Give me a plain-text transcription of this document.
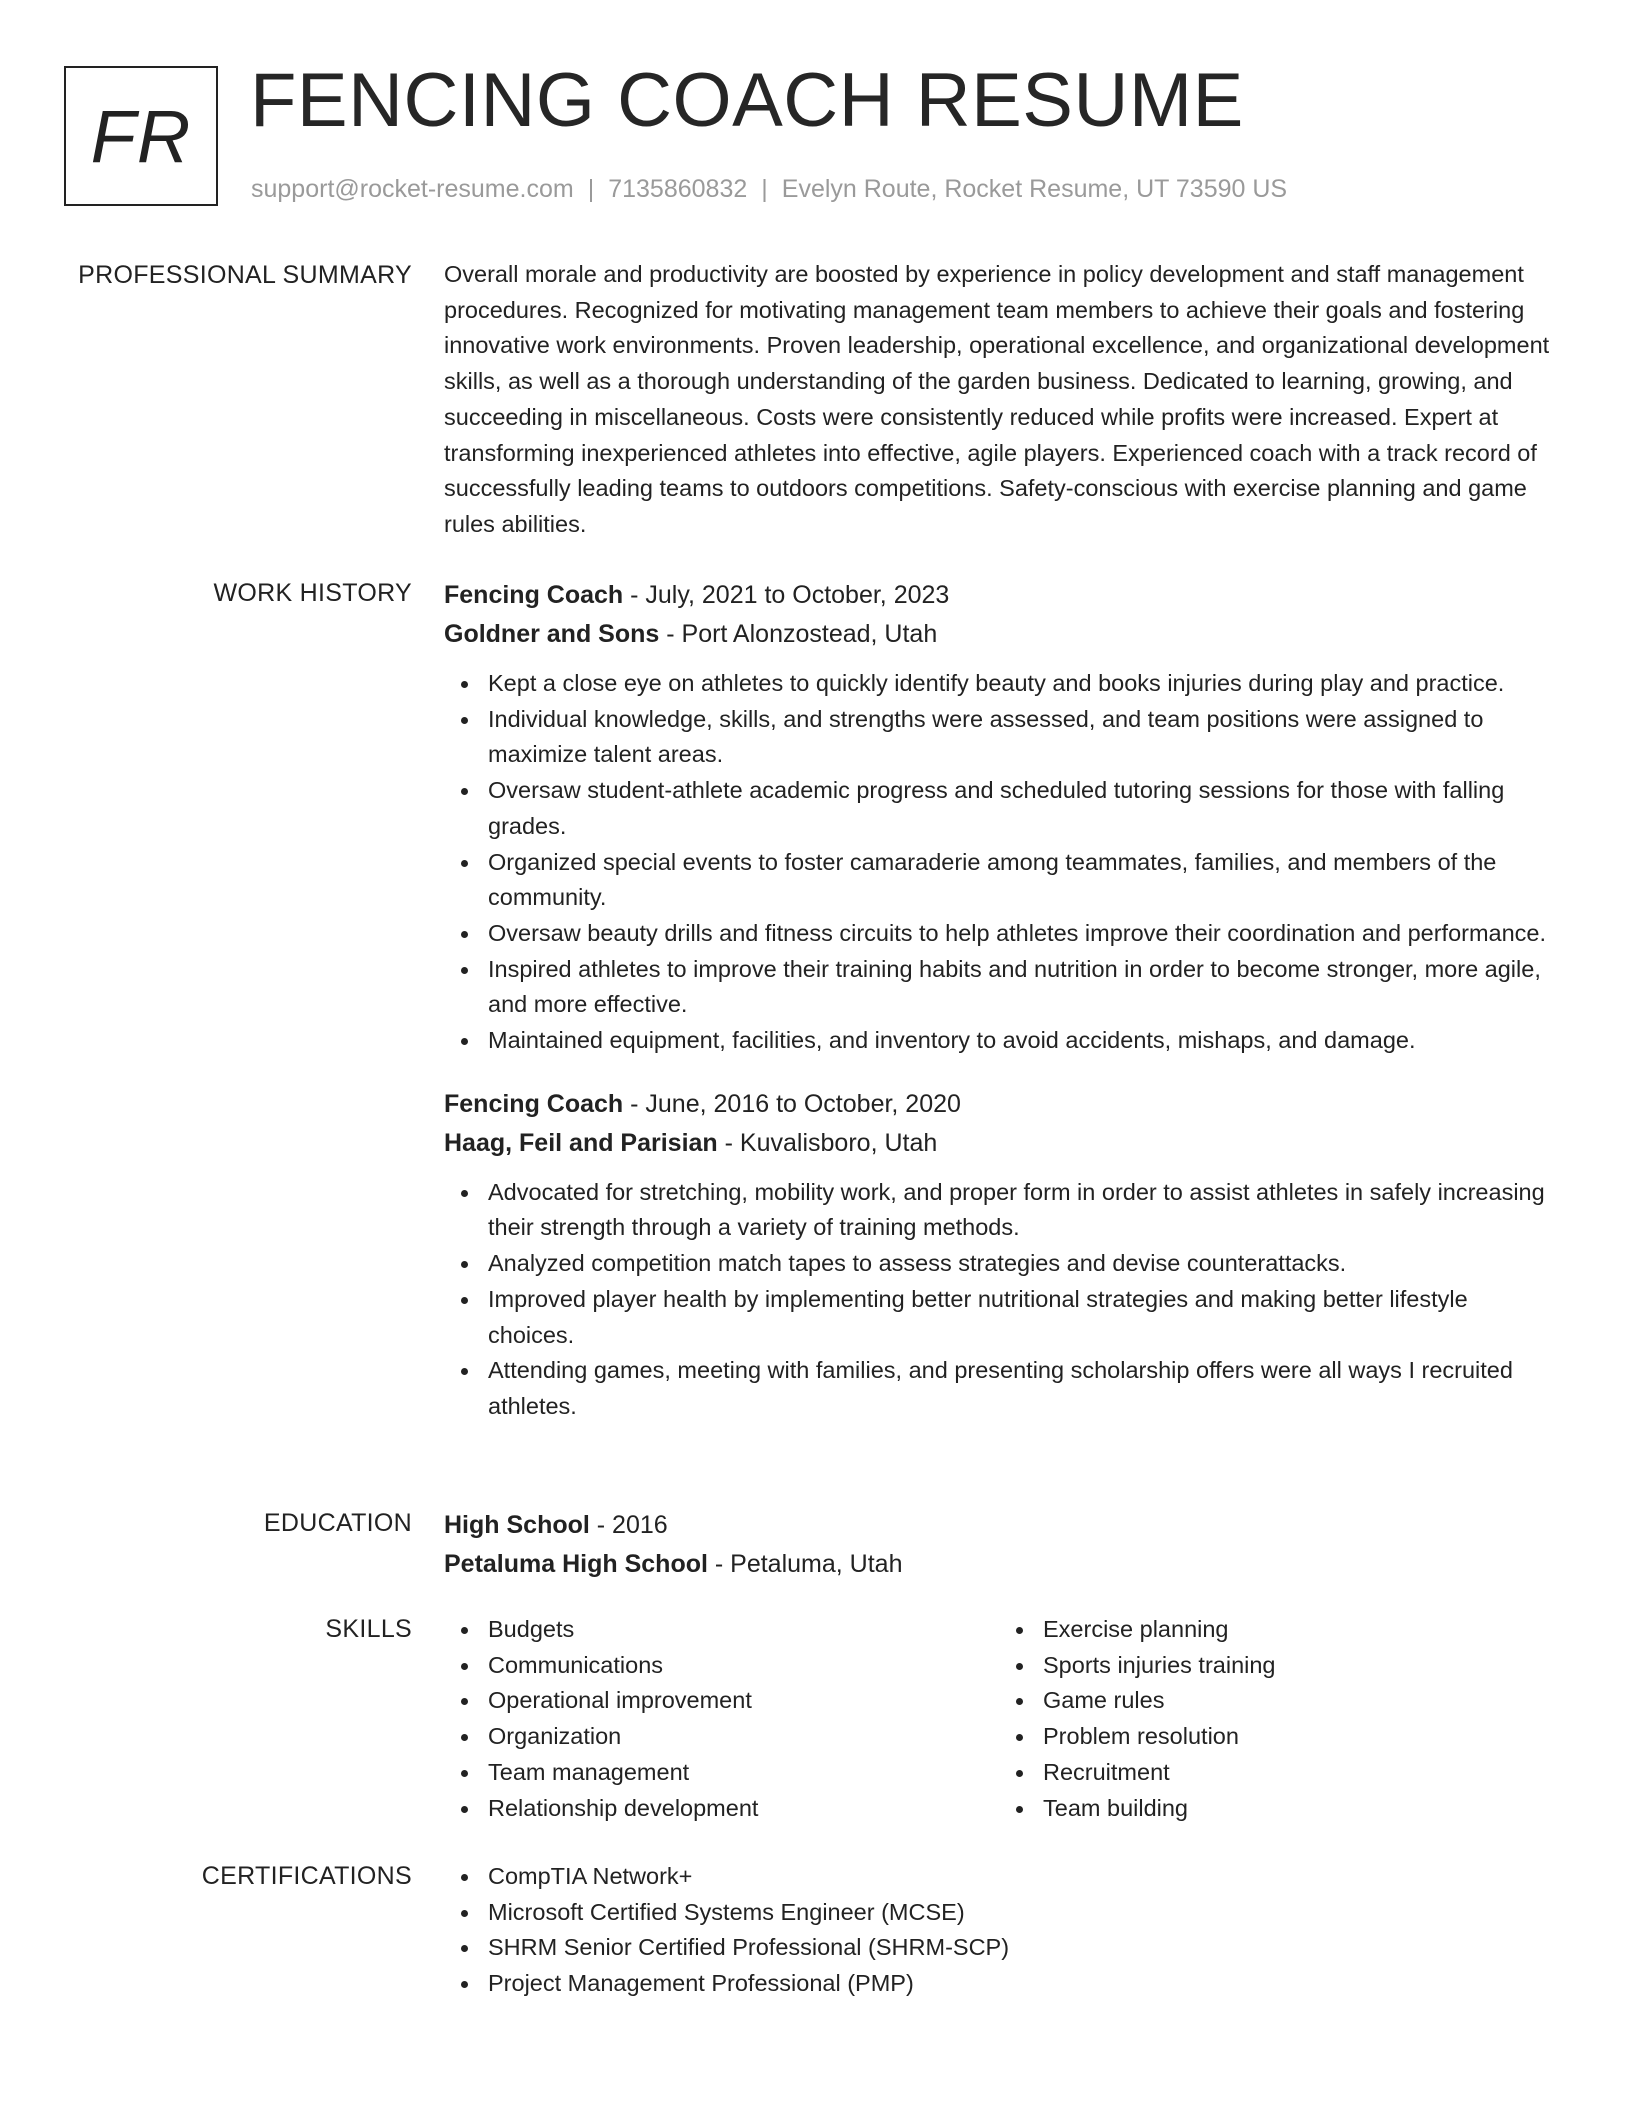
FR FENCING COACH RESUME
support@rocket-resume.com | 7135860832 | Evelyn Route, Rocket Resume, UT 73590 US
PROFESSIONAL SUMMARY Overall morale and productivity are boosted by experience in policy development and staff management procedures. Recognized for motivating management team members to achieve their goals and fostering innovative work environments. Proven leadership, operational excellence, and organizational development skills, as well as a thorough understanding of the garden business. Dedicated to learning, growing, and succeeding in miscellaneous. Costs were consistently reduced while profits were increased. Expert at transforming inexperienced athletes into effective, agile players. Experienced coach with a track record of successfully leading teams to outdoors competitions. Safety-conscious with exercise planning and game rules abilities.

WORK HISTORY Fencing Coach - July, 2021 to October, 2023
Goldner and Sons - Port Alonzostead, Utah
Kept a close eye on athletes to quickly identify beauty and books injuries during play and practice.
Individual knowledge, skills, and strengths were assessed, and team positions were assigned to maximize talent areas.
Oversaw student-athlete academic progress and scheduled tutoring sessions for those with falling grades.
Organized special events to foster camaraderie among teammates, families, and members of the community.
Oversaw beauty drills and fitness circuits to help athletes improve their coordination and performance.
Inspired athletes to improve their training habits and nutrition in order to become stronger, more agile, and more effective.
Maintained equipment, facilities, and inventory to avoid accidents, mishaps, and damage.
Fencing Coach - June, 2016 to October, 2020
Haag, Feil and Parisian - Kuvalisboro, Utah
Advocated for stretching, mobility work, and proper form in order to assist athletes in safely increasing their strength through a variety of training methods.
Analyzed competition match tapes to assess strategies and devise counterattacks.
Improved player health by implementing better nutritional strategies and making better lifestyle choices.
Attending games, meeting with families, and presenting scholarship offers were all ways I recruited athletes.
EDUCATION High School - 2016
Petaluma High School - Petaluma, Utah
SKILLS	Budgets
Communications
Operational improvement
Organization
Team management
Relationship development
Exercise planning
Sports injuries training
Game rules
Problem resolution
Recruitment
Team building
CERTIFICATIONS	CompTIA Network+
Microsoft Certified Systems Engineer (MCSE)
SHRM Senior Certified Professional (SHRM-SCP)
Project Management Professional (PMP)
